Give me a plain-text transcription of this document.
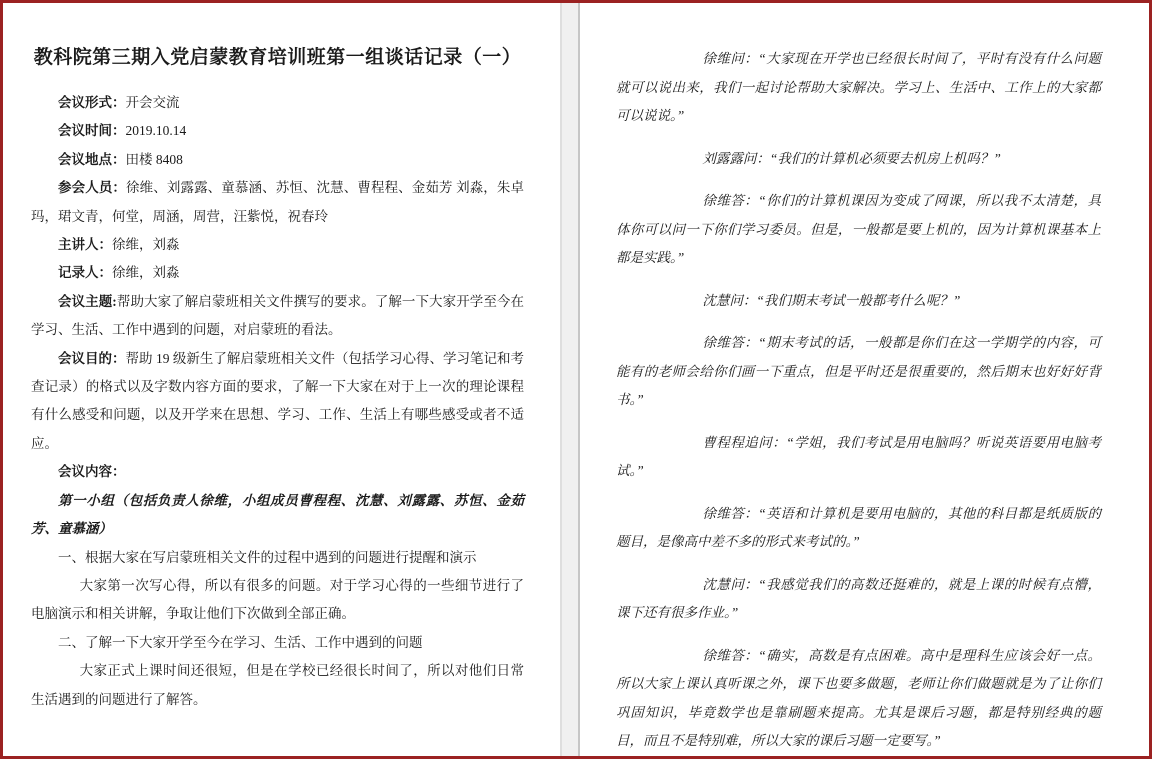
教科院第三期入党启蒙教育培训班第一组谈话记录（一）

会议形式：开会交流

会议时间：2019.10.14

会议地点：田楼 8408

参会人员：徐维、刘露露、童慕涵、苏恒、沈慧、曹程程、金茹芳 刘淼，朱卓玛，珺文青，何堂，周涵，周营，汪紫悦，祝春玲

主讲人：徐维，刘淼

记录人：徐维，刘淼

会议主题:帮助大家了解启蒙班相关文件撰写的要求。了解一下大家开学至今在学习、生活、工作中遇到的问题，对启蒙班的看法。

会议目的：帮助 19 级新生了解启蒙班相关文件（包括学习心得、学习笔记和考查记录）的格式以及字数内容方面的要求，了解一下大家在对于上一次的理论课程有什么感受和问题，以及开学来在思想、学习、工作、生活上有哪些感受或者不适应。

会议内容：

第一小组（包括负责人徐维，小组成员曹程程、沈慧、刘露露、苏恒、金茹芳、童慕涵）

一、根据大家在写启蒙班相关文件的过程中遇到的问题进行提醒和演示

大家第一次写心得，所以有很多的问题。对于学习心得的一些细节进行了电脑演示和相关讲解，争取让他们下次做到全部正确。

二、了解一下大家开学至今在学习、生活、工作中遇到的问题

大家正式上课时间还很短，但是在学校已经很长时间了，所以对他们日常生活遇到的问题进行了解答。

徐维问：“大家现在开学也已经很长时间了，平时有没有什么问题就可以说出来，我们一起讨论帮助大家解决。学习上、生活中、工作上的大家都可以说说。”

刘露露问：“我们的计算机必须要去机房上机吗？”

徐维答：“你们的计算机课因为变成了网课，所以我不太清楚，具体你可以问一下你们学习委员。但是，一般都是要上机的，因为计算机课基本上都是实践。”

沈慧问：“我们期末考试一般都考什么呢？”

徐维答：“期末考试的话，一般都是你们在这一学期学的内容，可能有的老师会给你们画一下重点，但是平时还是很重要的，然后期末也好好好背书。”

曹程程追问：“学姐，我们考试是用电脑吗？听说英语要用电脑考试。”

徐维答：“英语和计算机是要用电脑的，其他的科目都是纸质版的题目，是像高中差不多的形式来考试的。”

沈慧问：“我感觉我们的高数还挺难的，就是上课的时候有点懵，课下还有很多作业。”

徐维答：“确实，高数是有点困难。高中是理科生应该会好一点。所以大家上课认真听课之外，课下也要多做题，老师让你们做题就是为了让你们巩固知识，毕竟数学也是靠刷题来提高。尤其是课后习题，都是特别经典的题目，而且不是特别难，所以大家的课后习题一定要写。”
